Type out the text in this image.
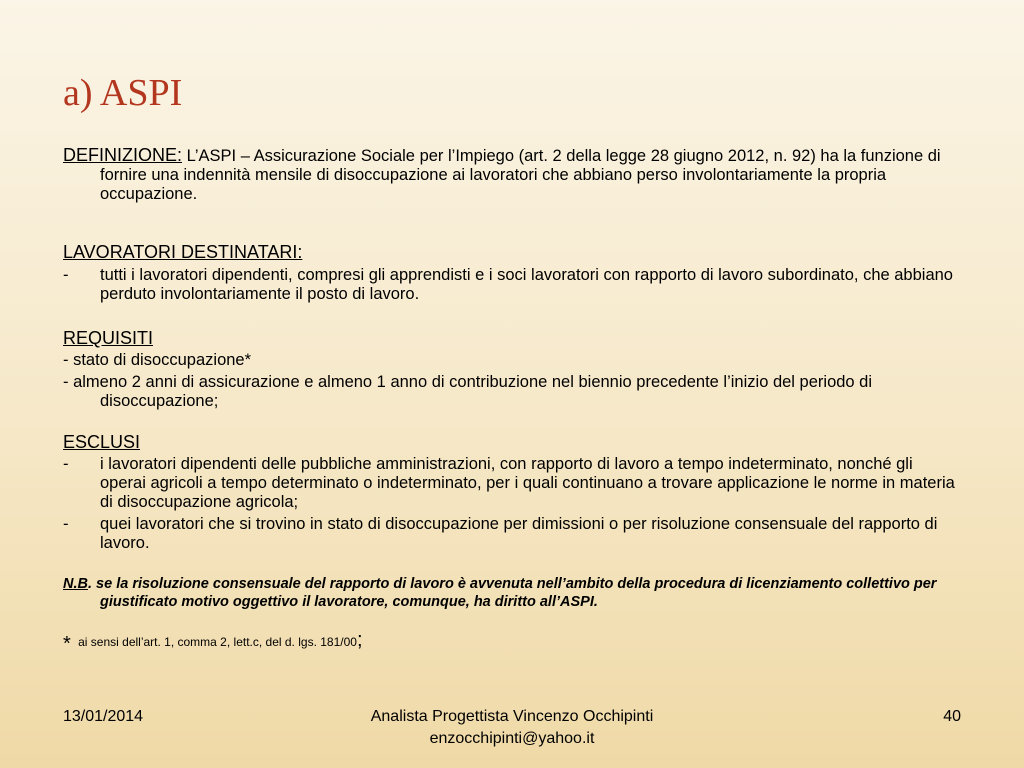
a) ASPI

DEFINIZIONE: L’ASPI – Assicurazione Sociale per l’Impiego (art. 2 della legge 28 giugno 2012, n. 92) ha la funzione di fornire una indennità mensile di disoccupazione ai lavoratori che abbiano perso involontariamente la propria occupazione.

LAVORATORI DESTINATARI:

-	tutti i lavoratori dipendenti, compresi gli apprendisti e i soci lavoratori con rapporto di lavoro subordinato, che abbiano perduto involontariamente il posto di lavoro.

REQUISITI

- stato di disoccupazione*

- almeno 2 anni di assicurazione e almeno 1 anno di contribuzione nel biennio precedente l’inizio del periodo di disoccupazione;

ESCLUSI

-	i lavoratori dipendenti delle pubbliche amministrazioni, con rapporto di lavoro a tempo indeterminato, nonché gli operai agricoli a tempo determinato o indeterminato, per i quali continuano a trovare applicazione le norme in materia di disoccupazione agricola;
-	quei lavoratori che si trovino in stato di disoccupazione per dimissioni o per risoluzione consensuale del rapporto di lavoro.

N.B. se la risoluzione consensuale del rapporto di lavoro è avvenuta nell’ambito della procedura di licenziamento collettivo per giustificato motivo oggettivo il lavoratore, comunque, ha diritto all’ASPI.

* ai sensi dell’art. 1, comma 2, lett.c, del d. lgs. 181/00;

13/01/2014	Analista Progettista Vincenzo Occhipinti
enzocchipinti@yahoo.it
40
